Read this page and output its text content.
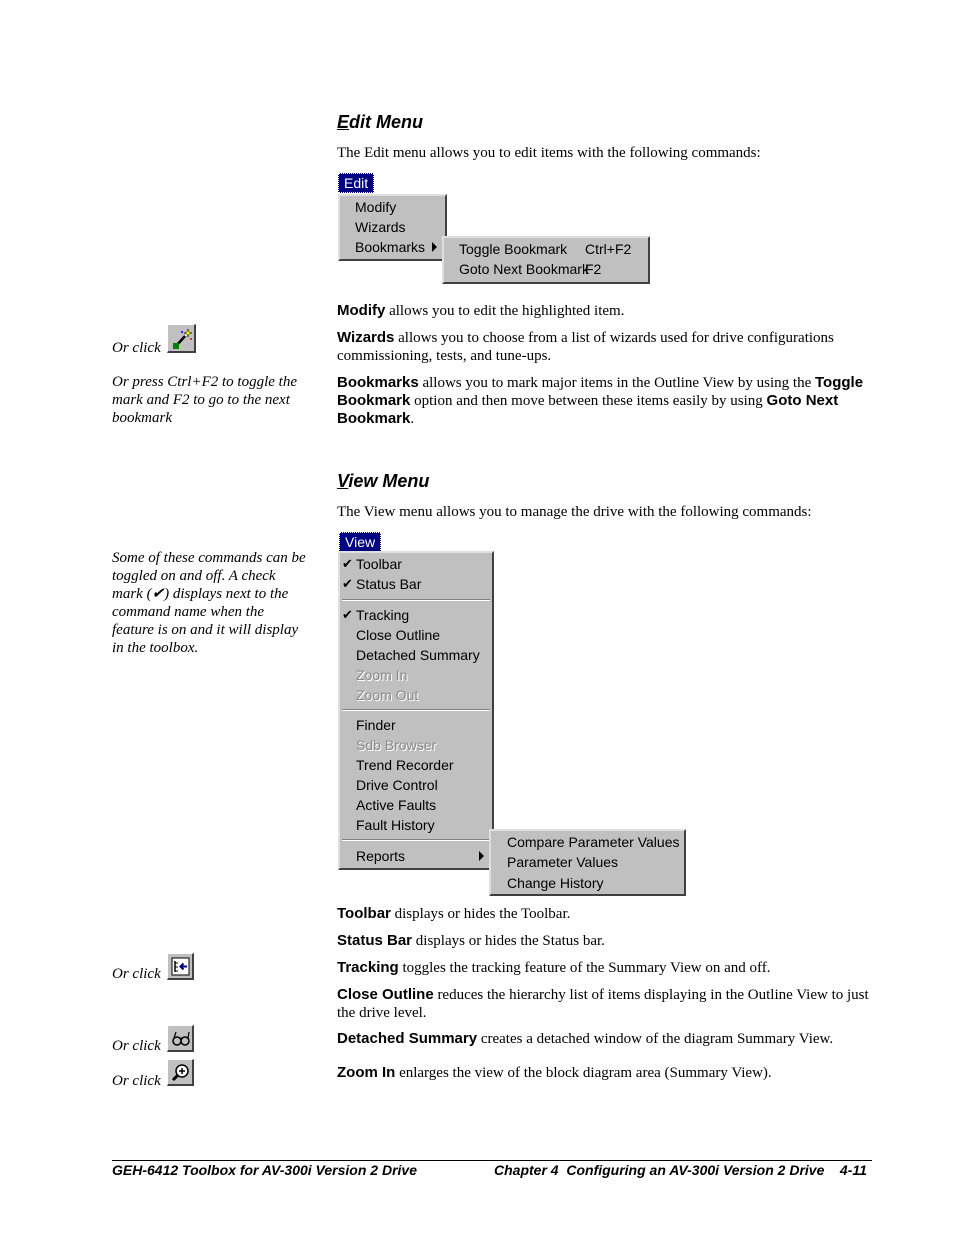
Edit Menu
The Edit menu allows you to edit items with the following commands:
Edit
Modify
Wizards
Bookmarks Toggle Bookmark Ctrl+F2
Goto Next Bookmark
F2
Modify allows you to edit the highlighted item.
Wizards allows you to choose from a list of wizards used for drive configurations commissioning, tests, and tune-ups.
Bookmarks allows you to mark major items in the Outline View by using the Toggle Bookmark option and then move between these items easily by using Goto Next Bookmark.
Or click
Or press Ctrl+F2 to toggle the mark and F2 to go to the next bookmark
View Menu
The View menu allows you to manage the drive with the following commands:
Some of these commands can be toggled on and off. A check mark (✔) displays next to the command name when the feature is on and it will display in the toolbox.
View
✔ Toolbar
✔ Status Bar
✔ Tracking
Close Outline
Detached Summary
Zoom In
Zoom Out
Finder
Sdb Browser
Trend Recorder
Drive Control
Active Faults
Fault History
Reports
Compare Parameter Values
Parameter Values
Change History
Toolbar displays or hides the Toolbar.
Status Bar displays or hides the Status bar.
Tracking toggles the tracking feature of the Summary View on and off.
Close Outline reduces the hierarchy list of items displaying in the Outline View to just the drive level.
Detached Summary creates a detached window of the diagram Summary View.
Zoom In enlarges the view of the block diagram area (Summary View).
Or click
Or click
Or click
GEH-6412 Toolbox for AV-300i Version 2 Drive	Chapter 4  Configuring an AV-300i Version 2 Drive    4-11
